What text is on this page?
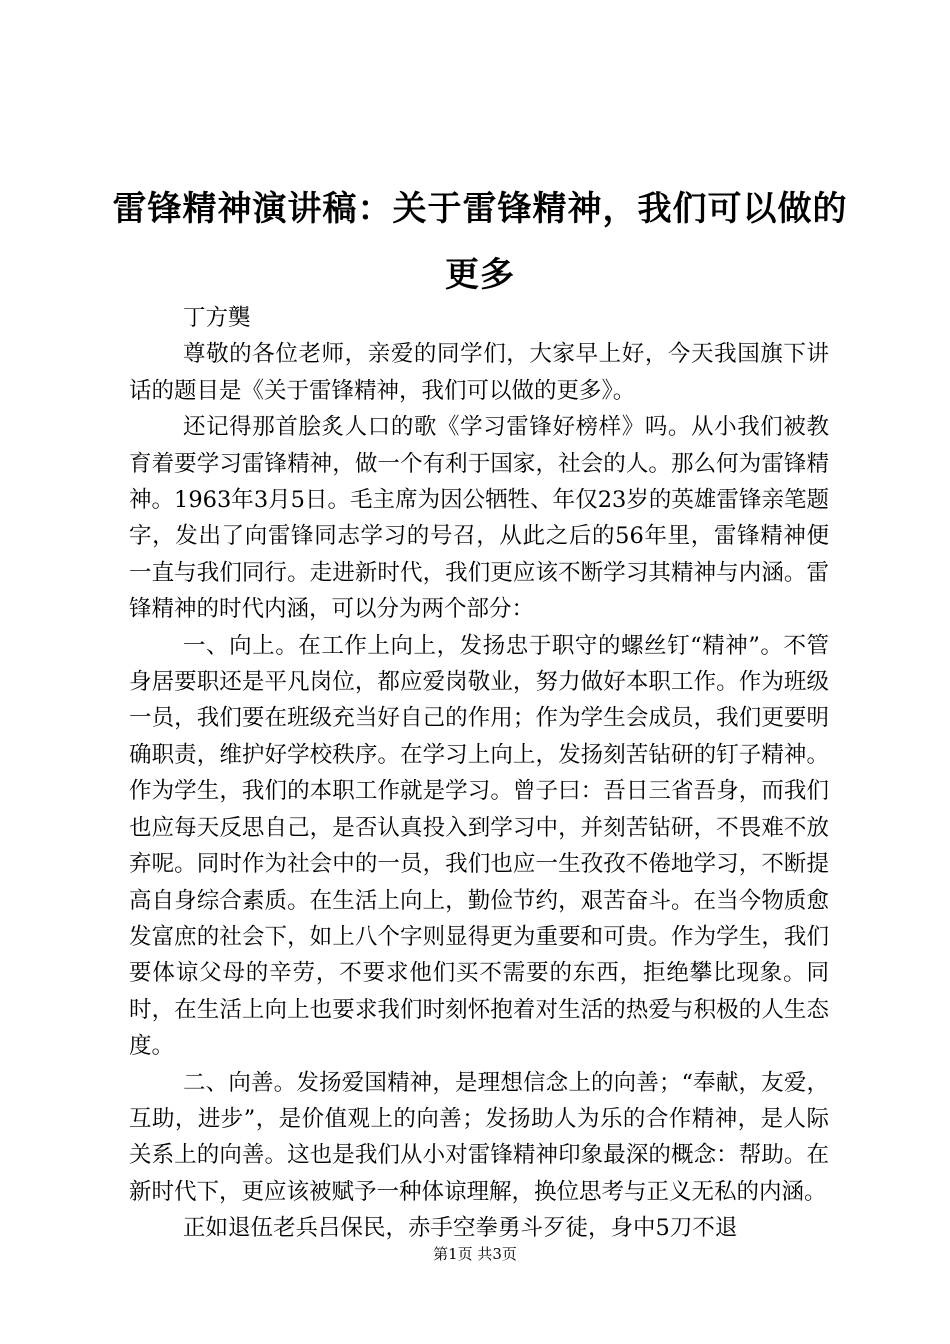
雷锋精神演讲稿：关于雷锋精神，我们可以做的更多

丁方龑

尊敬的各位老师，亲爱的同学们，大家早上好，今天我国旗下讲话的题目是《关于雷锋精神，我们可以做的更多》。

还记得那首脍炙人口的歌《学习雷锋好榜样》吗。从小我们被教育着要学习雷锋精神，做一个有利于国家，社会的人。那么何为雷锋精神。1963年3月5日。毛主席为因公牺牲、年仅23岁的英雄雷锋亲笔题字，发出了向雷锋同志学习的号召，从此之后的56年里，雷锋精神便一直与我们同行。走进新时代，我们更应该不断学习其精神与内涵。雷锋精神的时代内涵，可以分为两个部分：

一、向上。在工作上向上，发扬忠于职守的螺丝钉“精神”。不管身居要职还是平凡岗位，都应爱岗敬业，努力做好本职工作。作为班级一员，我们要在班级充当好自己的作用；作为学生会成员，我们更要明确职责，维护好学校秩序。在学习上向上，发扬刻苦钻研的钉子精神。作为学生，我们的本职工作就是学习。曾子曰：吾日三省吾身，而我们也应每天反思自己，是否认真投入到学习中，并刻苦钻研，不畏难不放弃呢。同时作为社会中的一员，我们也应一生孜孜不倦地学习，不断提高自身综合素质。在生活上向上，勤俭节约，艰苦奋斗。在当今物质愈发富庶的社会下，如上八个字则显得更为重要和可贵。作为学生，我们要体谅父母的辛劳，不要求他们买不需要的东西，拒绝攀比现象。同时，在生活上向上也要求我们时刻怀抱着对生活的热爱与积极的人生态度。

二、向善。发扬爱国精神，是理想信念上的向善；“奉献，友爱，互助，进步”，是价值观上的向善；发扬助人为乐的合作精神，是人际关系上的向善。这也是我们从小对雷锋精神印象最深的概念：帮助。在新时代下，更应该被赋予一种体谅理解，换位思考与正义无私的内涵。

正如退伍老兵吕保民，赤手空拳勇斗歹徒，身中5刀不退

第1页 共3页
